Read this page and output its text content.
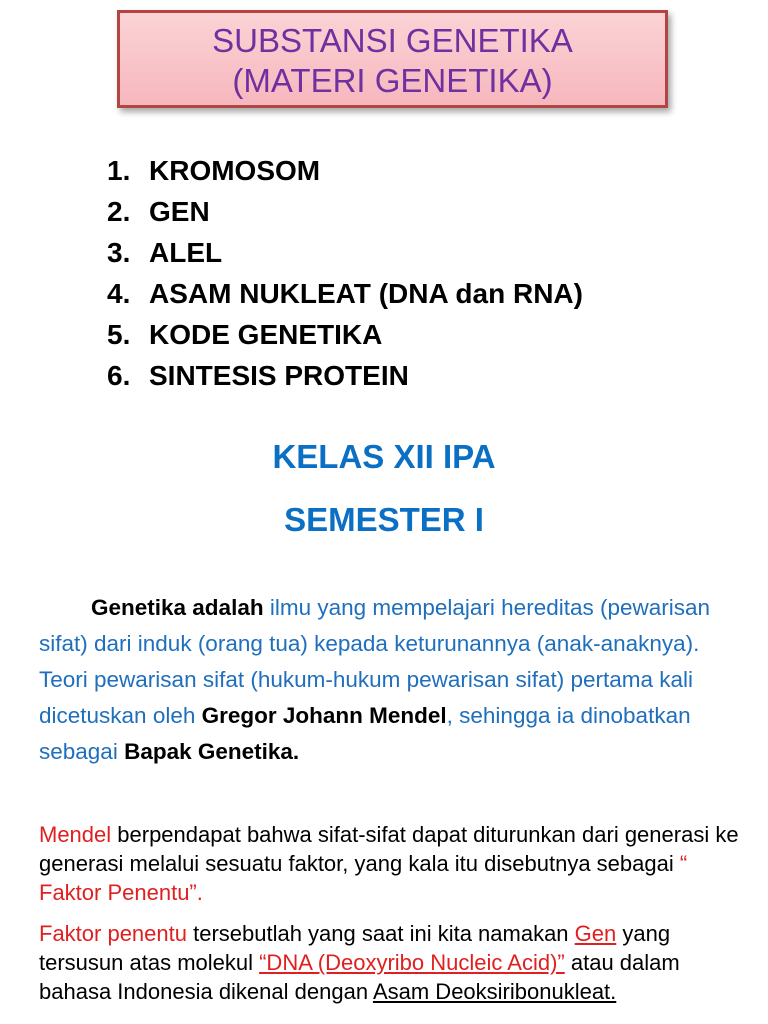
SUBSTANSI GENETIKA
(MATERI GENETIKA)
1. KROMOSOM
2. GEN
3. ALEL
4. ASAM NUKLEAT (DNA dan RNA)
5. KODE GENETIKA
6. SINTESIS PROTEIN
KELAS XII IPA
SEMESTER I

Genetika adalah ilmu yang mempelajari hereditas (pewarisan sifat) dari induk (orang tua) kepada keturunannya (anak-anaknya).
Teori pewarisan sifat (hukum-hukum pewarisan sifat) pertama kali dicetuskan oleh Gregor Johann Mendel, sehingga ia dinobatkan sebagai Bapak Genetika.

Mendel berpendapat bahwa sifat-sifat dapat diturunkan dari generasi ke generasi melalui sesuatu faktor, yang kala itu disebutnya sebagai “ Faktor Penentu”.

Faktor penentu tersebutlah yang saat ini kita namakan Gen yang tersusun atas molekul “DNA (Deoxyribo Nucleic Acid)” atau dalam bahasa Indonesia dikenal dengan Asam Deoksiribonukleat.
